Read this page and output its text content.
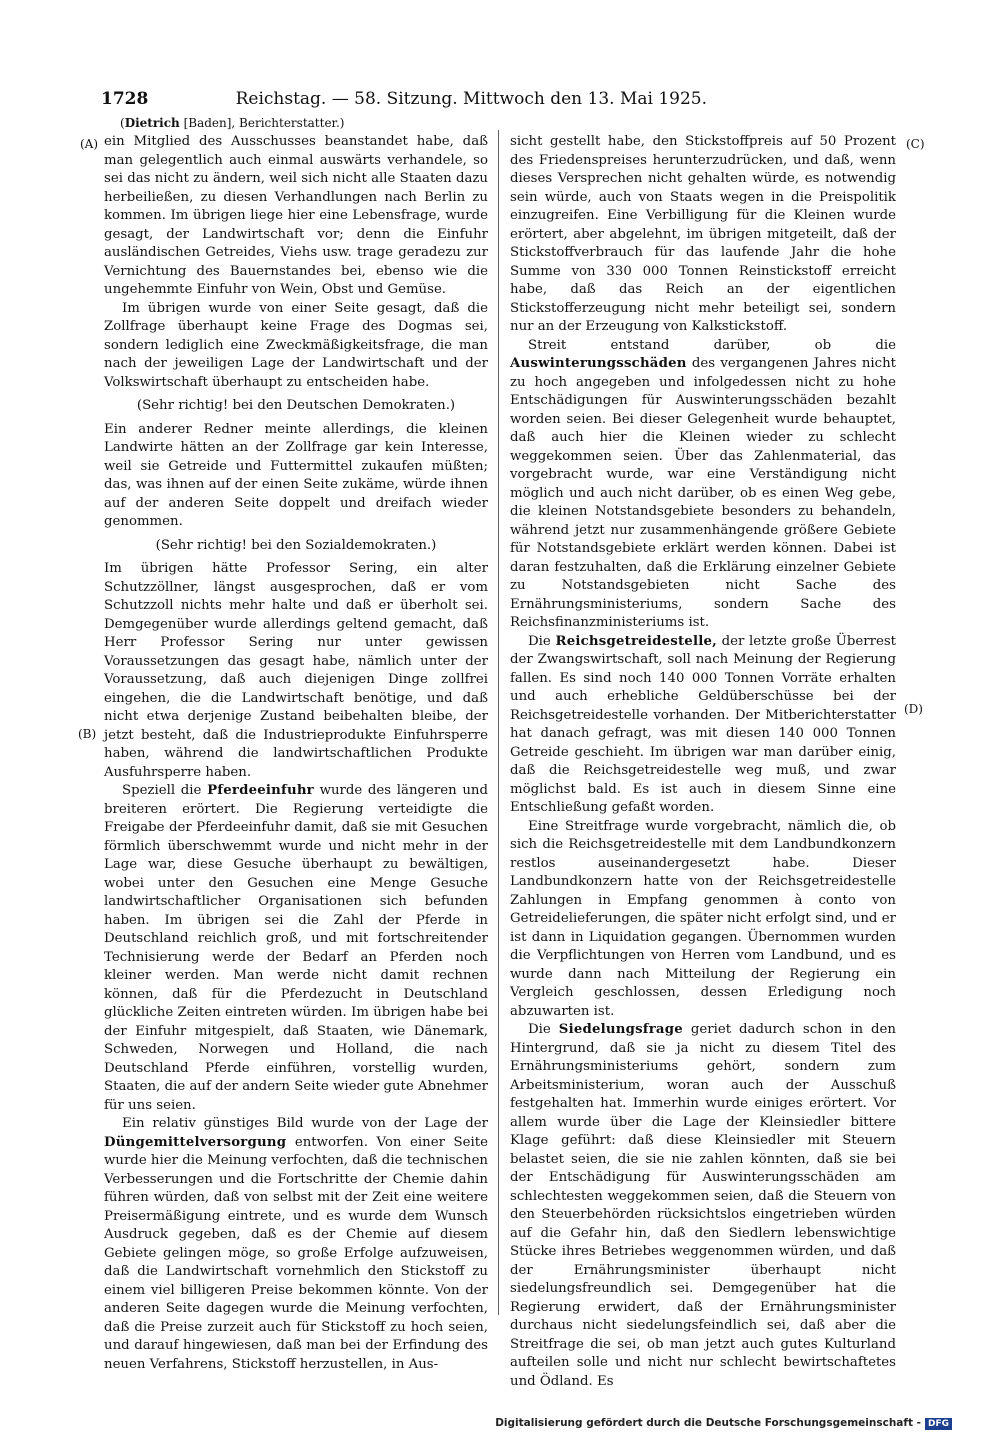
1728	Reichstag. — 58. Sitzung. Mittwoch den 13. Mai 1925.
(Dietrich [Baden], Berichterstatter.)
(A)
(B)
(C)
(D)

ein Mitglied des Ausschusses beanstandet habe, daß man gelegentlich auch einmal auswärts verhandele, so sei das nicht zu ändern, weil sich nicht alle Staaten dazu herbeiließen, zu diesen Verhandlungen nach Berlin zu kommen. Im übrigen liege hier eine Lebensfrage, wurde gesagt, der Landwirtschaft vor; denn die Einfuhr ausländischen Getreides, Viehs usw. trage geradezu zur Vernichtung des Bauernstandes bei, ebenso wie die ungehemmte Einfuhr von Wein, Obst und Gemüse.

Im übrigen wurde von einer Seite gesagt, daß die Zollfrage überhaupt keine Frage des Dogmas sei, sondern lediglich eine Zweckmäßigkeitsfrage, die man nach der jeweiligen Lage der Landwirtschaft und der Volkswirtschaft überhaupt zu entscheiden habe.

(Sehr richtig! bei den Deutschen Demokraten.)

Ein anderer Redner meinte allerdings, die kleinen Landwirte hätten an der Zollfrage gar kein Interesse, weil sie Getreide und Futtermittel zukaufen müßten; das, was ihnen auf der einen Seite zukäme, würde ihnen auf der anderen Seite doppelt und dreifach wieder genommen.

(Sehr richtig! bei den Sozialdemokraten.)

Im übrigen hätte Professor Sering, ein alter Schutzzöllner, längst ausgesprochen, daß er vom Schutzzoll nichts mehr halte und daß er überholt sei. Demgegenüber wurde allerdings geltend gemacht, daß Herr Professor Sering nur unter gewissen Voraussetzungen das gesagt habe, nämlich unter der Voraussetzung, daß auch diejenigen Dinge zollfrei eingehen, die die Landwirtschaft benötige, und daß nicht etwa derjenige Zustand beibehalten bleibe, der jetzt besteht, daß die Industrieprodukte Einfuhrsperre haben, während die landwirtschaftlichen Produkte Ausfuhrsperre haben.

Speziell die Pferdeeinfuhr wurde des längeren und breiteren erörtert. Die Regierung verteidigte die Freigabe der Pferdeeinfuhr damit, daß sie mit Gesuchen förmlich überschwemmt wurde und nicht mehr in der Lage war, diese Gesuche überhaupt zu bewältigen, wobei unter den Gesuchen eine Menge Gesuche landwirtschaftlicher Organisationen sich befunden haben. Im übrigen sei die Zahl der Pferde in Deutschland reichlich groß, und mit fortschreitender Technisierung werde der Bedarf an Pferden noch kleiner werden. Man werde nicht damit rechnen können, daß für die Pferdezucht in Deutschland glückliche Zeiten eintreten würden. Im übrigen habe bei der Einfuhr mitgespielt, daß Staaten, wie Dänemark, Schweden, Norwegen und Holland, die nach Deutschland Pferde einführen, vorstellig wurden, Staaten, die auf der andern Seite wieder gute Abnehmer für uns seien.

Ein relativ günstiges Bild wurde von der Lage der Düngemittelversorgung entworfen. Von einer Seite wurde hier die Meinung verfochten, daß die technischen Verbesserungen und die Fortschritte der Chemie dahin führen würden, daß von selbst mit der Zeit eine weitere Preisermäßigung eintrete, und es wurde dem Wunsch Ausdruck gegeben, daß es der Chemie auf diesem Gebiete gelingen möge, so große Erfolge aufzuweisen, daß die Landwirtschaft vornehmlich den Stickstoff zu einem viel billigeren Preise bekommen könnte. Von der anderen Seite dagegen wurde die Meinung verfochten, daß die Preise zurzeit auch für Stickstoff zu hoch seien, und darauf hingewiesen, daß man bei der Erfindung des neuen Verfahrens, Stickstoff herzustellen, in Aus-

sicht gestellt habe, den Stickstoffpreis auf 50 Prozent des Friedenspreises herunterzudrücken, und daß, wenn dieses Versprechen nicht gehalten würde, es notwendig sein würde, auch von Staats wegen in die Preispolitik einzugreifen. Eine Verbilligung für die Kleinen wurde erörtert, aber abgelehnt, im übrigen mitgeteilt, daß der Stickstoffverbrauch für das laufende Jahr die hohe Summe von 330 000 Tonnen Reinstickstoff erreicht habe, daß das Reich an der eigentlichen Stickstofferzeugung nicht mehr beteiligt sei, sondern nur an der Erzeugung von Kalkstickstoff.

Streit entstand darüber, ob die Auswinterungsschäden des vergangenen Jahres nicht zu hoch angegeben und infolgedessen nicht zu hohe Entschädigungen für Auswinterungsschäden bezahlt worden seien. Bei dieser Gelegenheit wurde behauptet, daß auch hier die Kleinen wieder zu schlecht weggekommen seien. Über das Zahlenmaterial, das vorgebracht wurde, war eine Verständigung nicht möglich und auch nicht darüber, ob es einen Weg gebe, die kleinen Notstandsgebiete besonders zu behandeln, während jetzt nur zusammenhängende größere Gebiete für Notstandsgebiete erklärt werden können. Dabei ist daran festzuhalten, daß die Erklärung einzelner Gebiete zu Notstandsgebieten nicht Sache des Ernährungsministeriums, sondern Sache des Reichsfinanzministeriums ist.

Die Reichsgetreidestelle, der letzte große Überrest der Zwangswirtschaft, soll nach Meinung der Regierung fallen. Es sind noch 140 000 Tonnen Vorräte erhalten und auch erhebliche Geldüberschüsse bei der Reichsgetreidestelle vorhanden. Der Mitberichterstatter hat danach gefragt, was mit diesen 140 000 Tonnen Getreide geschieht. Im übrigen war man darüber einig, daß die Reichsgetreidestelle weg muß, und zwar möglichst bald. Es ist auch in diesem Sinne eine Entschließung gefaßt worden.

Eine Streitfrage wurde vorgebracht, nämlich die, ob sich die Reichsgetreidestelle mit dem Landbundkonzern restlos auseinandergesetzt habe. Dieser Landbundkonzern hatte von der Reichsgetreidestelle Zahlungen in Empfang genommen à conto von Getreidelieferungen, die später nicht erfolgt sind, und er ist dann in Liquidation gegangen. Übernommen wurden die Verpflichtungen von Herren vom Landbund, und es wurde dann nach Mitteilung der Regierung ein Vergleich geschlossen, dessen Erledigung noch abzuwarten ist.

Die Siedelungsfrage geriet dadurch schon in den Hintergrund, daß sie ja nicht zu diesem Titel des Ernährungsministeriums gehört, sondern zum Arbeitsministerium, woran auch der Ausschuß festgehalten hat. Immerhin wurde einiges erörtert. Vor allem wurde über die Lage der Kleinsiedler bittere Klage geführt: daß diese Kleinsiedler mit Steuern belastet seien, die sie nie zahlen könnten, daß sie bei der Entschädigung für Auswinterungsschäden am schlechtesten weggekommen seien, daß die Steuern von den Steuerbehörden rücksichtslos eingetrieben würden auf die Gefahr hin, daß den Siedlern lebenswichtige Stücke ihres Betriebes weggenommen würden, und daß der Ernährungsminister überhaupt nicht siedelungsfreundlich sei. Demgegenüber hat die Regierung erwidert, daß der Ernährungsminister durchaus nicht siedelungsfeindlich sei, daß aber die Streitfrage die sei, ob man jetzt auch gutes Kulturland aufteilen solle und nicht nur schlecht bewirtschaftetes und Ödland. Es

Digitalisierung gefördert durch die Deutsche Forschungsgemeinschaft - DFG
